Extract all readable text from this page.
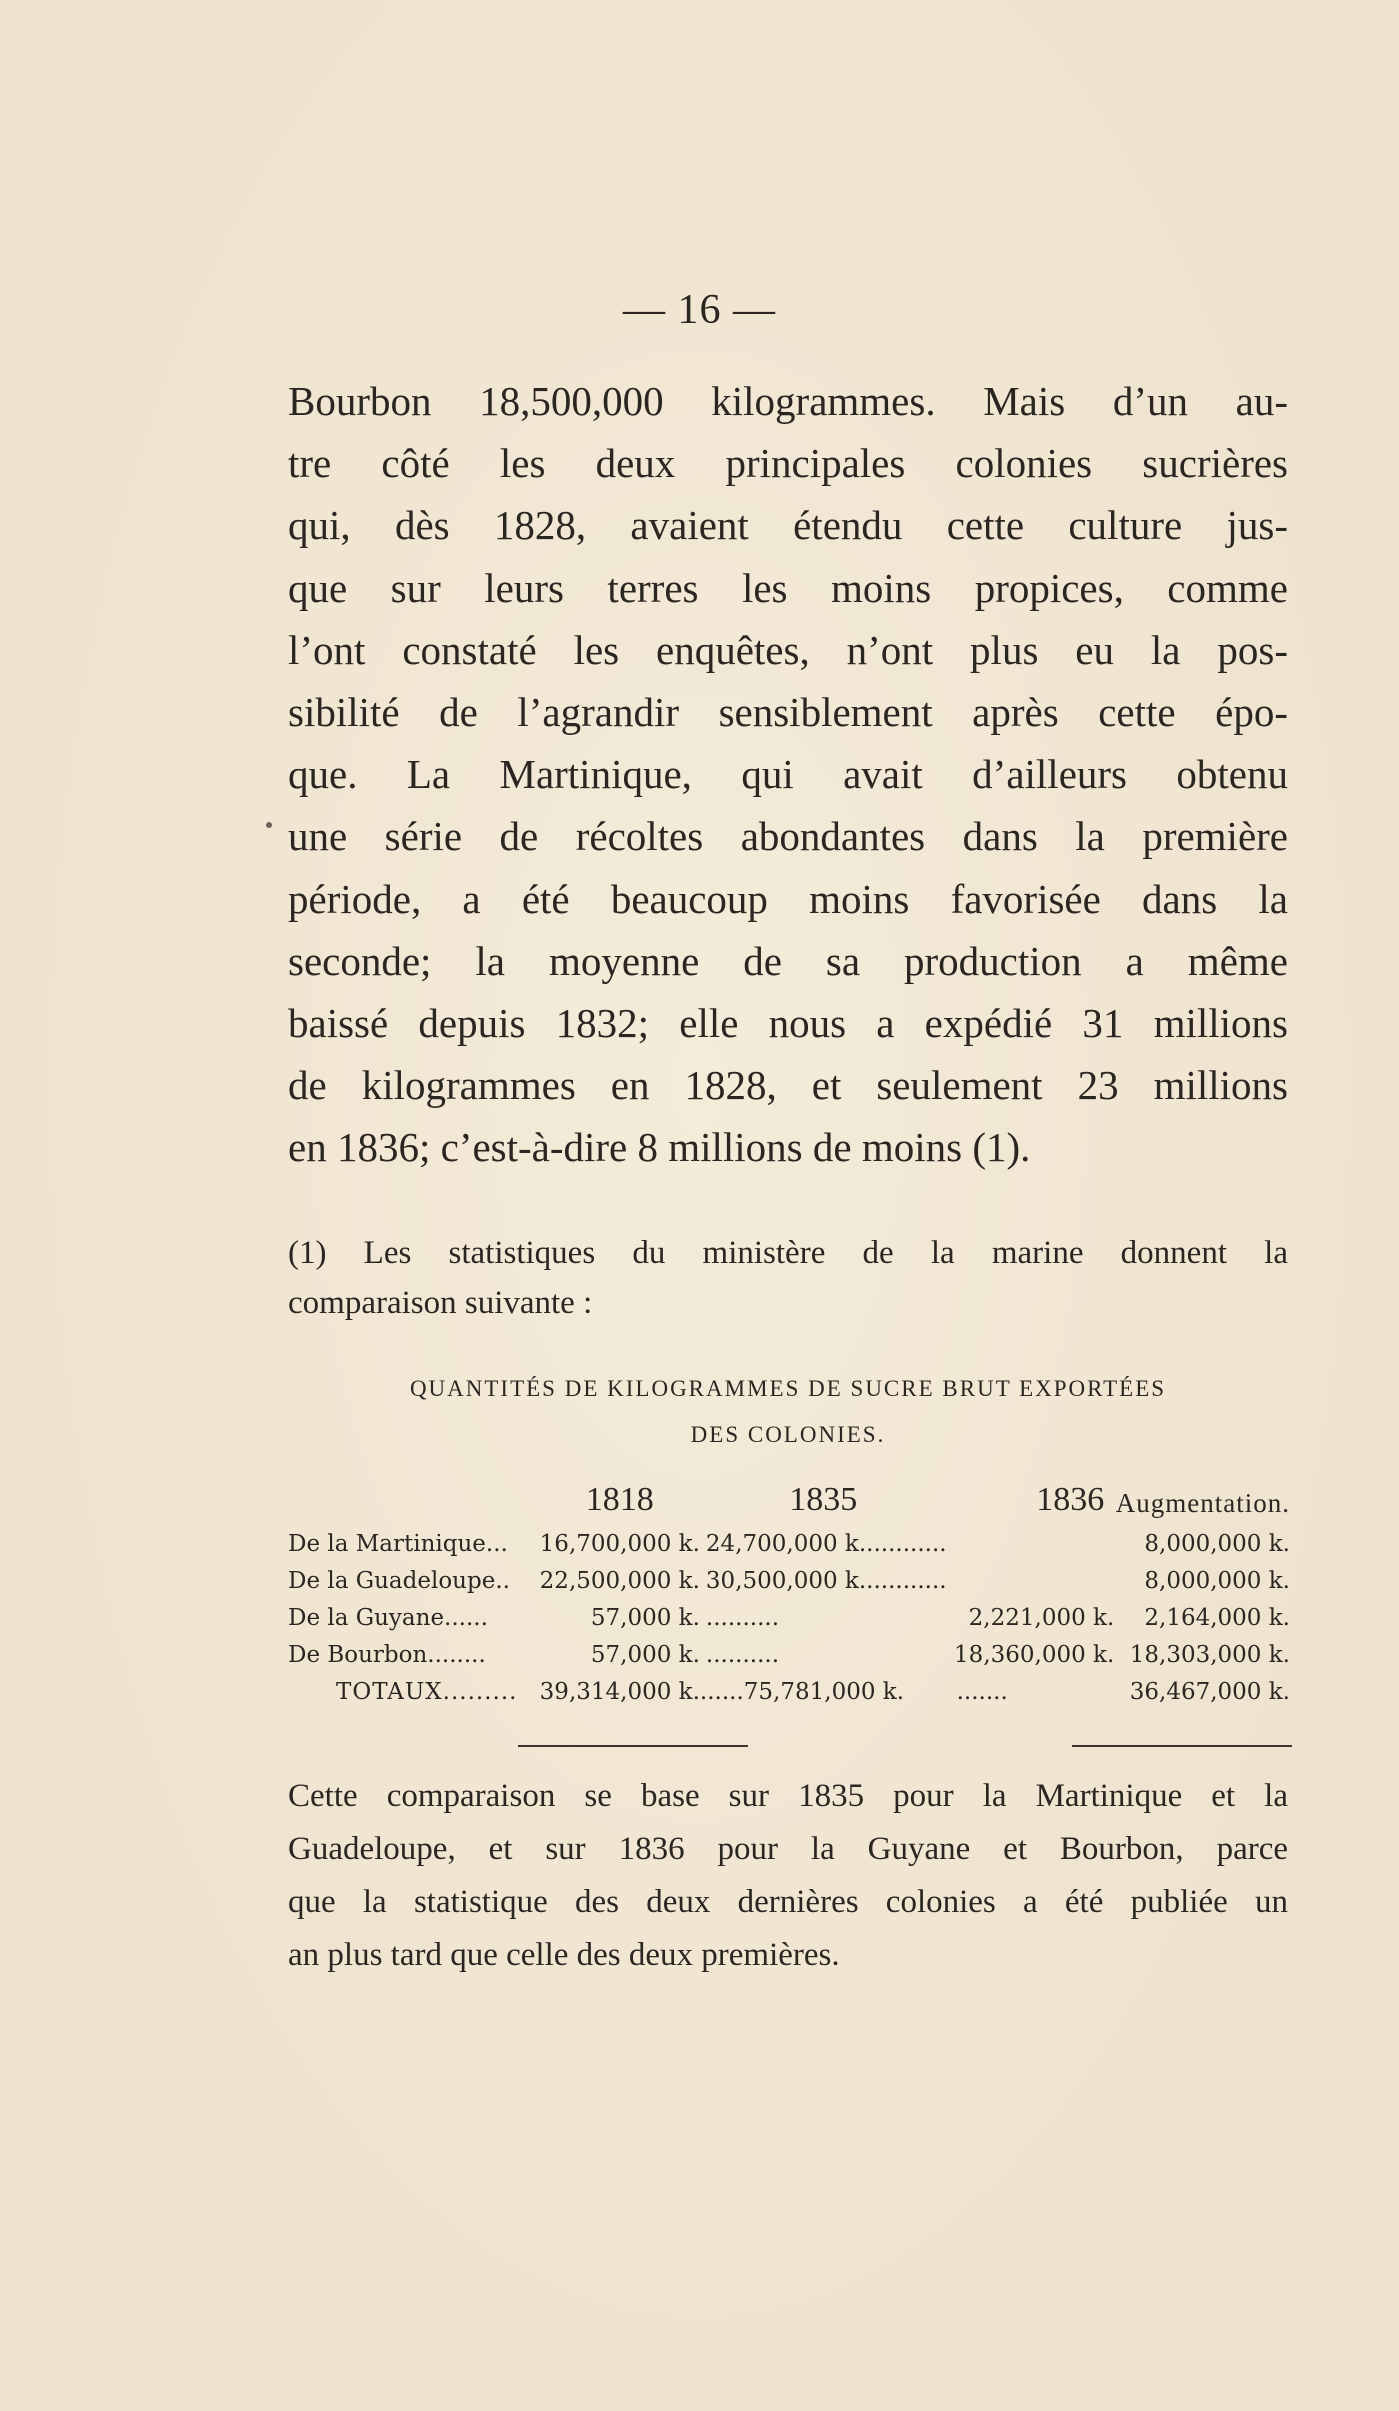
— 16 —
Bourbon 18,500,000 kilogrammes. Mais d’un au-
tre côté les deux principales colonies sucrières
qui, dès 1828, avaient étendu cette culture jus-
que sur leurs terres les moins propices, comme
l’ont constaté les enquêtes, n’ont plus eu la pos-
sibilité de l’agrandir sensiblement après cette épo-
que. La Martinique, qui avait d’ailleurs obtenu
une série de récoltes abondantes dans la première
période, a été beaucoup moins favorisée dans la
seconde; la moyenne de sa production a même
baissé depuis 1832; elle nous a expédié 31 millions
de kilogrammes en 1828, et seulement 23 millions
en 1836; c’est-à-dire 8 millions de moins (1).
(1) Les statistiques du ministère de la marine donnent la
comparaison suivante :
QUANTITÉS DE KILOGRAMMES DE SUCRE BRUT EXPORTÉES
DES COLONIES.
	1818	1835	1836	Augmentation.
De la Martinique...	16,700,000 k.	24,700,000 k............		8,000,000 k.
De la Guadeloupe..	22,500,000 k.	30,500,000 k............		8,000,000 k.
De la Guyane......	57,000 k.	..........	2,221,000 k.	2,164,000 k.
De Bourbon........	57,000 k.	..........	18,360,000 k.	18,303,000 k.
TOTAUX.........	39,314,000 k.	......75,781,000 k.	.......	36,467,000 k.
Cette comparaison se base sur 1835 pour la Martinique et la
Guadeloupe, et sur 1836 pour la Guyane et Bourbon, parce
que la statistique des deux dernières colonies a été publiée un
an plus tard que celle des deux premières.
